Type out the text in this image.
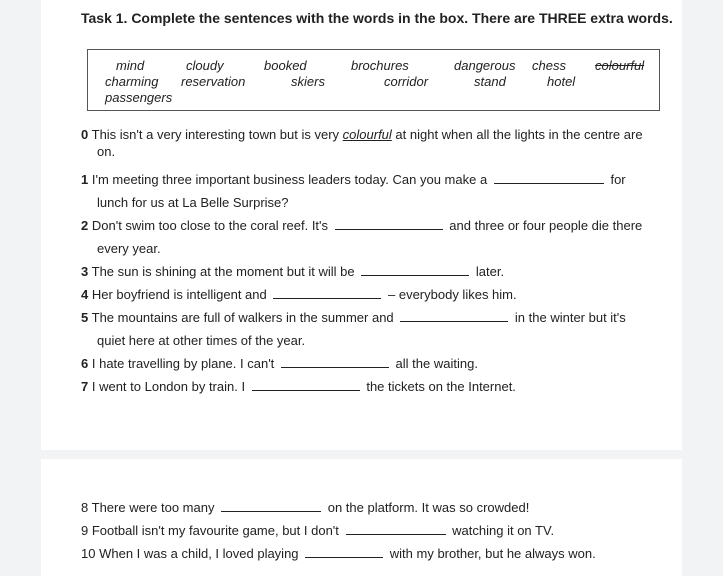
Task 1. Complete the sentences with the words in the box. There are THREE extra words.
mind	cloudy	booked	brochures	dangerous chess colourful
charming reservation	skiers	corridor	stand	hotel
passengers
0 This isn't a very interesting town but is very colourful at night when all the lights in the centre are
on.
1 I'm meeting three important business leaders today. Can you make a	for
lunch for us at La Belle Surprise?
2 Don't swim too close to the coral reef. It's	and three or four people die there
every year.
3 The sun is shining at the moment but it will be	later.
4 Her boyfriend is intelligent and	– everybody likes him.
5 The mountains are full of walkers in the summer and	in the winter but it's
quiet here at other times of the year.
6 I hate travelling by plane. I can't	all the waiting.
7 I went to London by train. I	the tickets on the Internet.
8 There were too many	on the platform. It was so crowded!
9 Football isn't my favourite game, but I don't	watching it on TV.
10 When I was a child, I loved playing	with my brother, but he always won.
